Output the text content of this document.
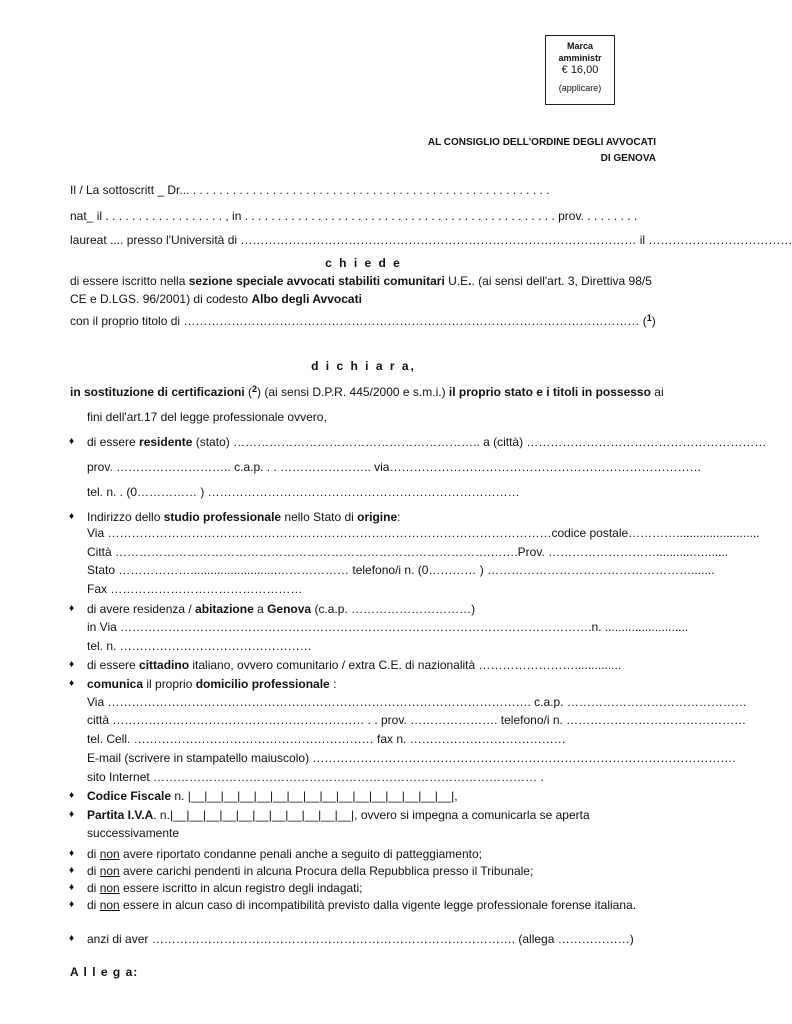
Marca
amministr
€ 16,00
(applicare)
AL CONSIGLIO DELL'ORDINE DEGLI AVVOCATI
DI GENOVA
Il / La sottoscritt _ Dr... . . . . . . . . . . . . . . . . . . . . . . . . . . . . . . . . . . . . . . . . . . . . . . . . . . . . . .
nat_ il . . . . . . . . . . . . . . . . . . , in . . . . . . . . . . . . . . . . . . . . . . . . . . . . . . . . . . . . . . . . . . . . . . . prov. . . . . . . . .
laureat .... presso l'Università di ……………………………………………………………………………………… il ………………………………
c h i e d e
di essere iscritto nella sezione speciale avvocati stabiliti comunitari U.E.. (ai sensi dell'art. 3, Direttiva 98/5
CE e D.LGS. 96/2001) di codesto Albo degli Avvocati
con il proprio titolo di …………………………………………………………………………………………………… ($^1$)
d i c h i a r a,
in sostituzione di certificazioni ($^2$) (ai sensi D.P.R. 445/2000 e s.m.i.) il proprio stato e i titoli in possesso ai
fini dell'art.17 del legge professionale ovvero,
♦ di essere residente (stato) …………………………………………………….. a (città) ……………………………………………………
prov. ……………………….. c.a.p. . . ………………….. via……………………………………………………………………
tel. n. . (0…………… ) ……………………………………………………………………
♦ Indirizzo dello studio professionale nello Stato di origine:
Via …………………………………………………………………………………………………codice postale………….........................
Città ………………………………………………………………………………….…….Prov. ………………………...........….......
Stato ………………..........................……………… telefono/i n. (0………… ) …………………………………………….......
Fax …………………………………………
♦ di avere residenza / abitazione a Genova (c.a.p. …………………………)
in Via ……………………………………………………………………………………………………….n. .........................
tel. n. …………………………………………
♦ di essere cittadino italiano, ovvero comunitario / extra C.E. di nazionalità ……………………..............
♦ comunica il proprio domicilio professionale :
Via ……………………………………………………………………………………………. c.a.p. ………………………………………
città ……………………………………………………… . . prov. …………………. telefono/i n. ………………………………………
tel. Cell. …………………………………………………… fax n. …………………………………
E-mail (scrivere in stampatello maiuscolo) …………………………………………………………………………………………….
sito Internet …………………………………………………………………………………… .
♦ Codice Fiscale n. |__|__|__|__|__|__|__|__|__|__|__|__|__|__|__|__|,
♦ Partita I.V.A. n.|__|__|__|__|__|__|__|__|__|__|__|, ovvero si impegna a comunicarla se aperta
successivamente
♦ di non avere riportato condanne penali anche a seguito di patteggiamento;
♦ di non avere carichi pendenti in alcuna Procura della Repubblica presso il Tribunale;
♦ di non essere iscritto in alcun registro degli indagati;
♦ di non essere in alcun caso di incompatibilità previsto dalla vigente legge professionale forense italiana.
♦ anzi di aver ………………………………………………………………………………. (allega ………………)
A l l e g a:
